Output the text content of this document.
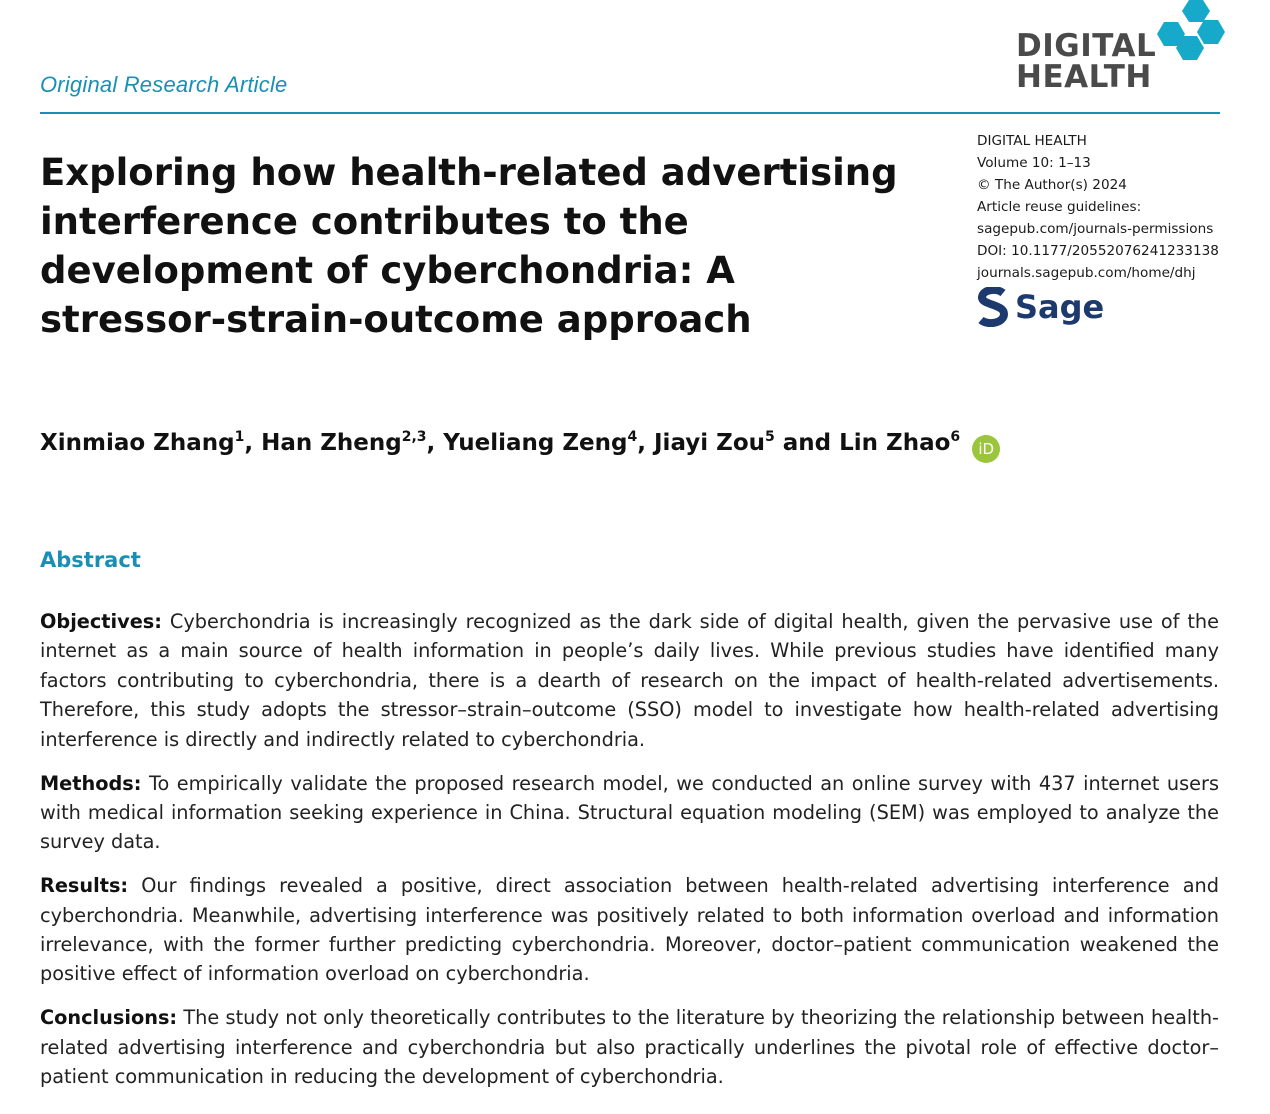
Original Research Article
DIGITAL
HEALTH
DIGITAL HEALTH
Volume 10: 1–13
© The Author(s) 2024
Article reuse guidelines:
sagepub.com/journals-permissions
DOI: 10.1177/20552076241233138
journals.sagepub.com/home/dhj
Sage
Exploring how health-related advertising interference contributes to the development of cyberchondria: A stressor-strain-outcome approach
Xinmiao Zhang$^1$, Han Zheng$^{2,3}$, Yueliang Zeng$^4$, Jiayi Zou$^5$ and Lin Zhao$^6$ iD
Abstract

Objectives: Cyberchondria is increasingly recognized as the dark side of digital health, given the pervasive use of the internet as a main source of health information in people’s daily lives. While previous studies have identified many factors contributing to cyberchondria, there is a dearth of research on the impact of health-related advertisements. Therefore, this study adopts the stressor–strain–outcome (SSO) model to investigate how health-related advertising interference is directly and indirectly related to cyberchondria.

Methods: To empirically validate the proposed research model, we conducted an online survey with 437 internet users with medical information seeking experience in China. Structural equation modeling (SEM) was employed to analyze the survey data.

Results: Our findings revealed a positive, direct association between health-related advertising interference and cyberchondria. Meanwhile, advertising interference was positively related to both information overload and information irrelevance, with the former further predicting cyberchondria. Moreover, doctor–patient communication weakened the positive effect of information overload on cyberchondria.

Conclusions: The study not only theoretically contributes to the literature by theorizing the relationship between health-related advertising interference and cyberchondria but also practically underlines the pivotal role of effective doctor–patient communication in reducing the development of cyberchondria.
